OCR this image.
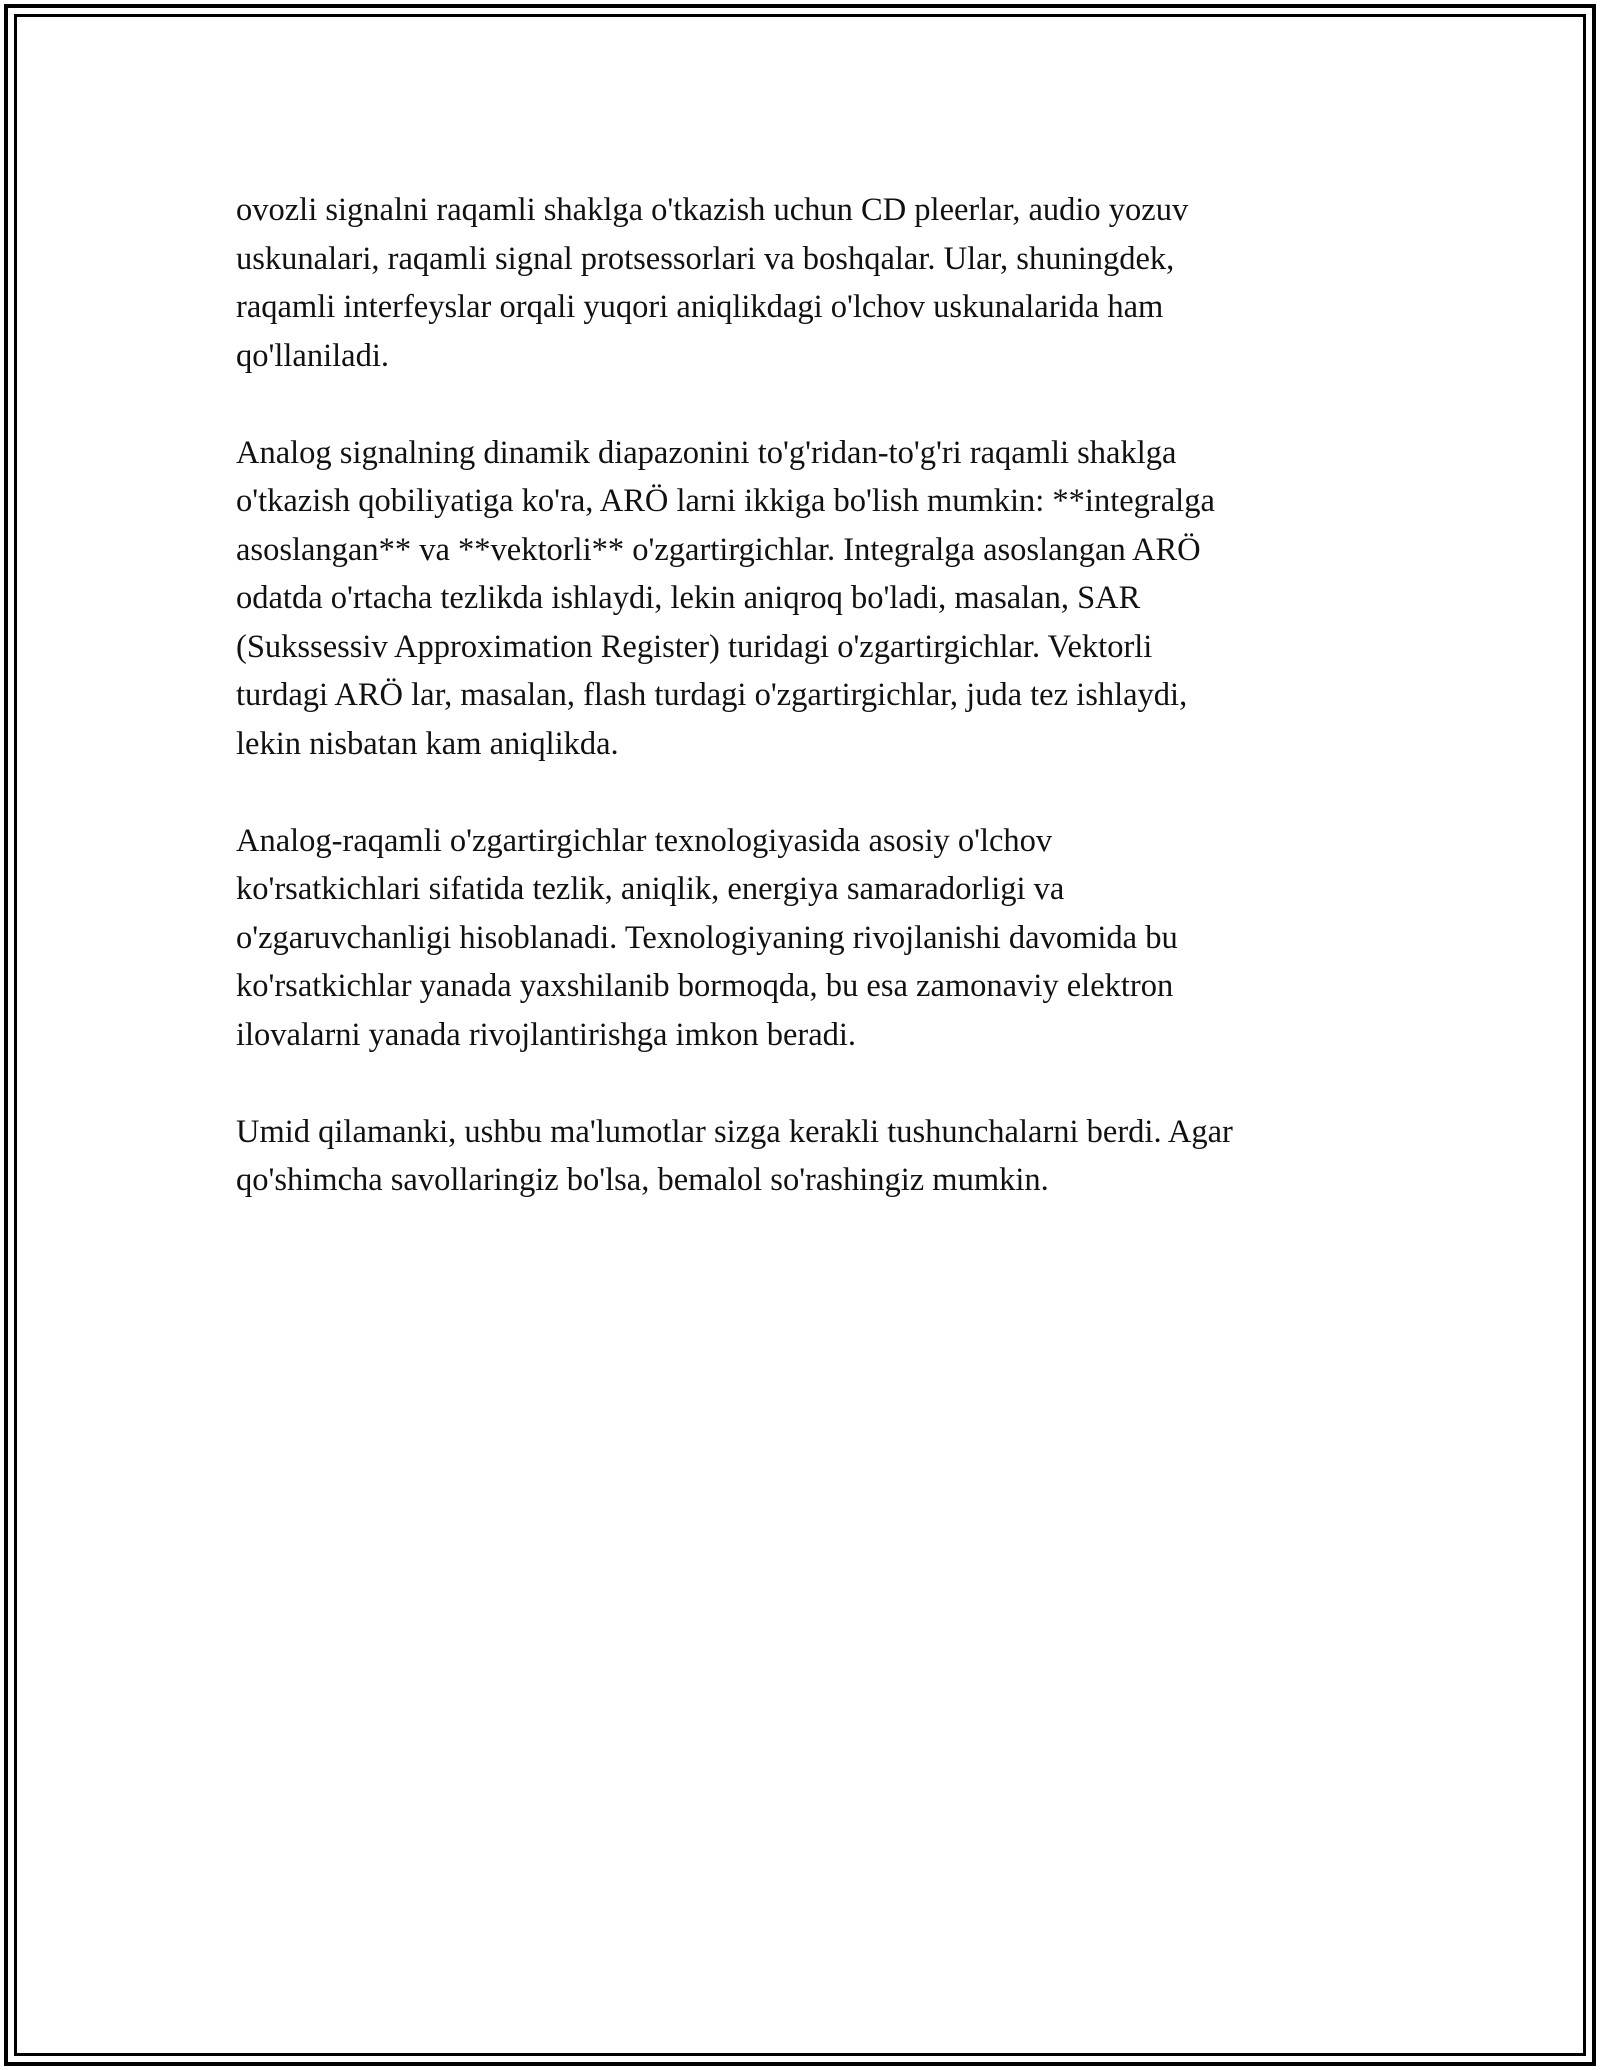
ovozli signalni raqamli shaklga o'tkazish uchun CD pleerlar, audio yozuv
uskunalari, raqamli signal protsessorlari va boshqalar. Ular, shuningdek,
raqamli interfeyslar orqali yuqori aniqlikdagi o'lchov uskunalarida ham
qo'llaniladi.

Analog signalning dinamik diapazonini to'g'ridan-to'g'ri raqamli shaklga
o'tkazish qobiliyatiga ko'ra, ARÖ larni ikkiga bo'lish mumkin: **integralga
asoslangan** va **vektorli** o'zgartirgichlar. Integralga asoslangan ARÖ
odatda o'rtacha tezlikda ishlaydi, lekin aniqroq bo'ladi, masalan, SAR
(Sukssessiv Approximation Register) turidagi o'zgartirgichlar. Vektorli
turdagi ARÖ lar, masalan, flash turdagi o'zgartirgichlar, juda tez ishlaydi,
lekin nisbatan kam aniqlikda.

Analog-raqamli o'zgartirgichlar texnologiyasida asosiy o'lchov
ko'rsatkichlari sifatida tezlik, aniqlik, energiya samaradorligi va
o'zgaruvchanligi hisoblanadi. Texnologiyaning rivojlanishi davomida bu
ko'rsatkichlar yanada yaxshilanib bormoqda, bu esa zamonaviy elektron
ilovalarni yanada rivojlantirishga imkon beradi.

Umid qilamanki, ushbu ma'lumotlar sizga kerakli tushunchalarni berdi. Agar
qo'shimcha savollaringiz bo'lsa, bemalol so'rashingiz mumkin.
